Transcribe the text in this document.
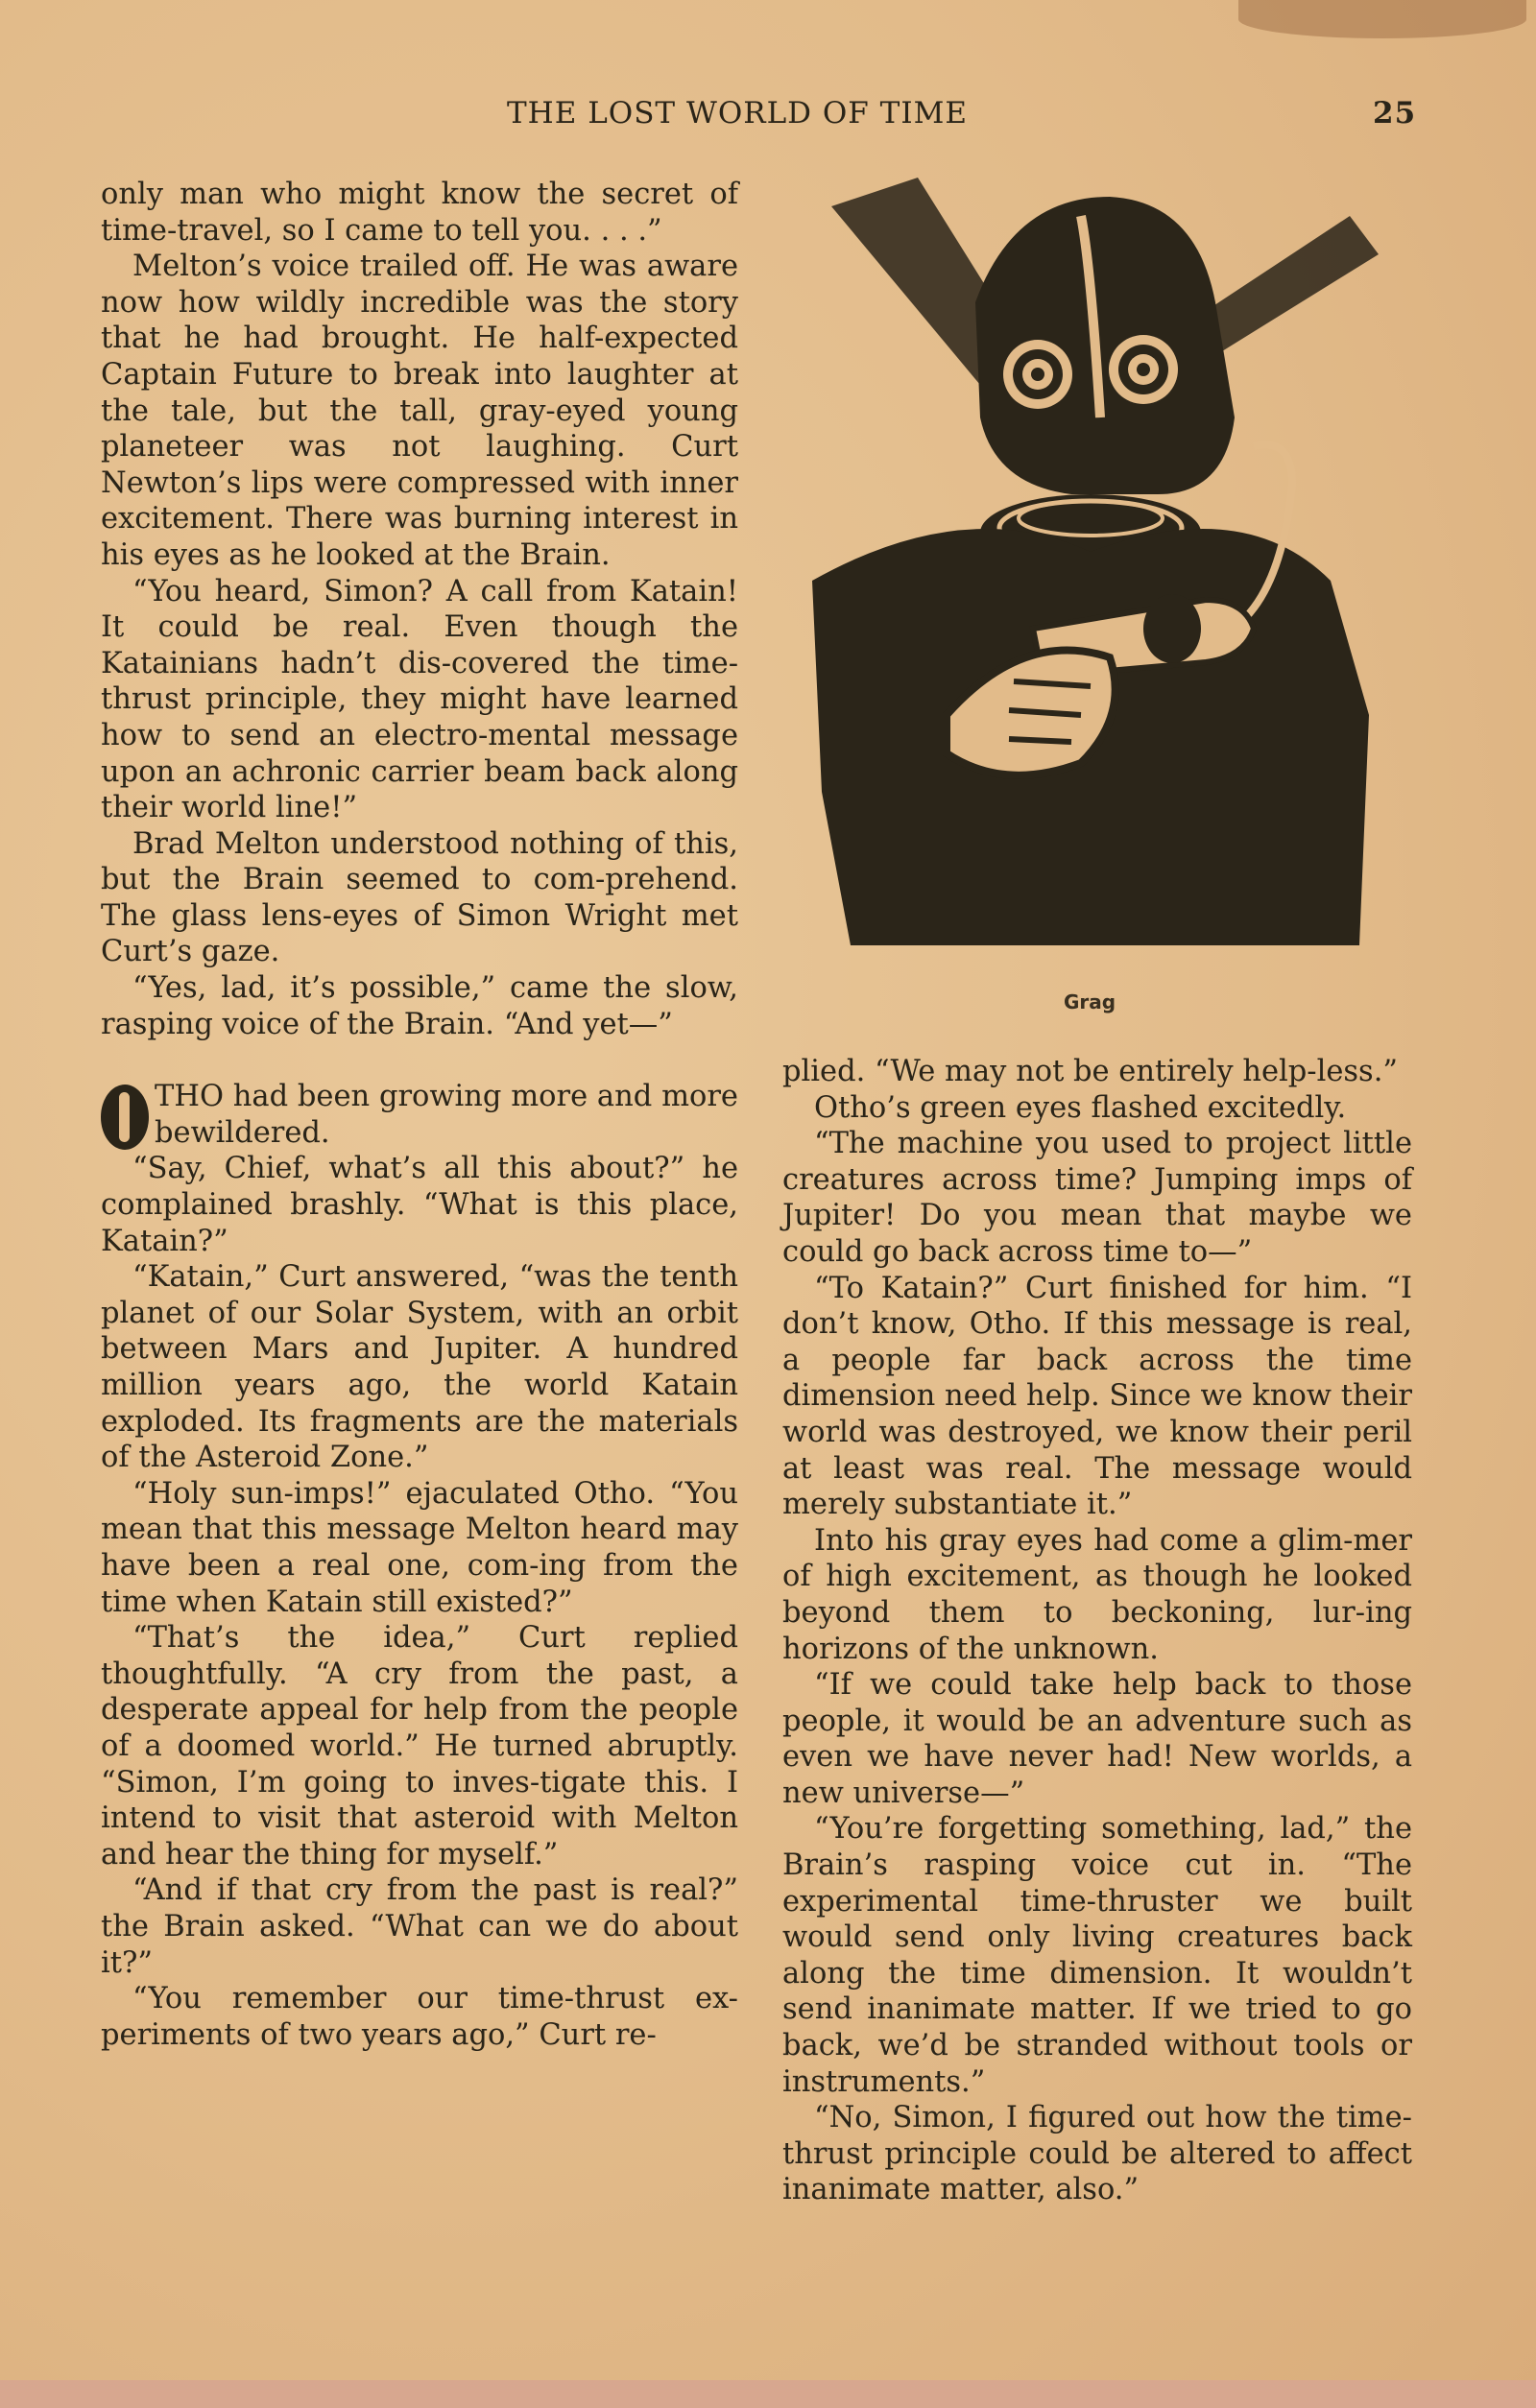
THE LOST WORLD OF TIME	25

only man who might know the secret of time-travel, so I came to tell you. . . .”

Melton’s voice trailed off. He was aware now how wildly incredible was the story that he had brought. He half-expected Captain Future to break into laughter at the tale, but the tall, gray-eyed young planeteer was not laughing. Curt Newton’s lips were compressed with inner excitement. There was burning interest in his eyes as he looked at the Brain.

“You heard, Simon? A call from Katain! It could be real. Even though the Katainians hadn’t dis-covered the time-thrust principle, they might have learned how to send an electro-mental message upon an achronic carrier beam back along their world line!”

Brad Melton understood nothing of this, but the Brain seemed to com-prehend. The glass lens-eyes of Simon Wright met Curt’s gaze.

“Yes, lad, it’s possible,” came the slow, rasping voice of the Brain. “And yet—”

THO had been growing more and more bewildered.

“Say, Chief, what’s all this about?” he complained brashly. “What is this place, Katain?”

“Katain,” Curt answered, “was the tenth planet of our Solar System, with an orbit between Mars and Jupiter. A hundred million years ago, the world Katain exploded. Its fragments are the materials of the Asteroid Zone.”

“Holy sun-imps!” ejaculated Otho. “You mean that this message Melton heard may have been a real one, com-ing from the time when Katain still existed?”

“That’s the idea,” Curt replied thoughtfully. “A cry from the past, a desperate appeal for help from the people of a doomed world.” He turned abruptly. “Simon, I’m going to inves-tigate this. I intend to visit that asteroid with Melton and hear the thing for myself.”

“And if that cry from the past is real?” the Brain asked. “What can we do about it?”

“You remember our time-thrust ex-periments of two years ago,” Curt re-

Grag

plied. “We may not be entirely help-less.”

Otho’s green eyes flashed excitedly.

“The machine you used to project little creatures across time? Jumping imps of Jupiter! Do you mean that maybe we could go back across time to—”

“To Katain?” Curt finished for him. “I don’t know, Otho. If this message is real, a people far back across the time dimension need help. Since we know their world was destroyed, we know their peril at least was real. The message would merely substantiate it.”

Into his gray eyes had come a glim-mer of high excitement, as though he looked beyond them to beckoning, lur-ing horizons of the unknown.

“If we could take help back to those people, it would be an adventure such as even we have never had! New worlds, a new universe—”

“You’re forgetting something, lad,” the Brain’s rasping voice cut in. “The experimental time-thruster we built would send only living creatures back along the time dimension. It wouldn’t send inanimate matter. If we tried to go back, we’d be stranded without tools or instruments.”

“No, Simon, I figured out how the time-thrust principle could be altered to affect inanimate matter, also.”
